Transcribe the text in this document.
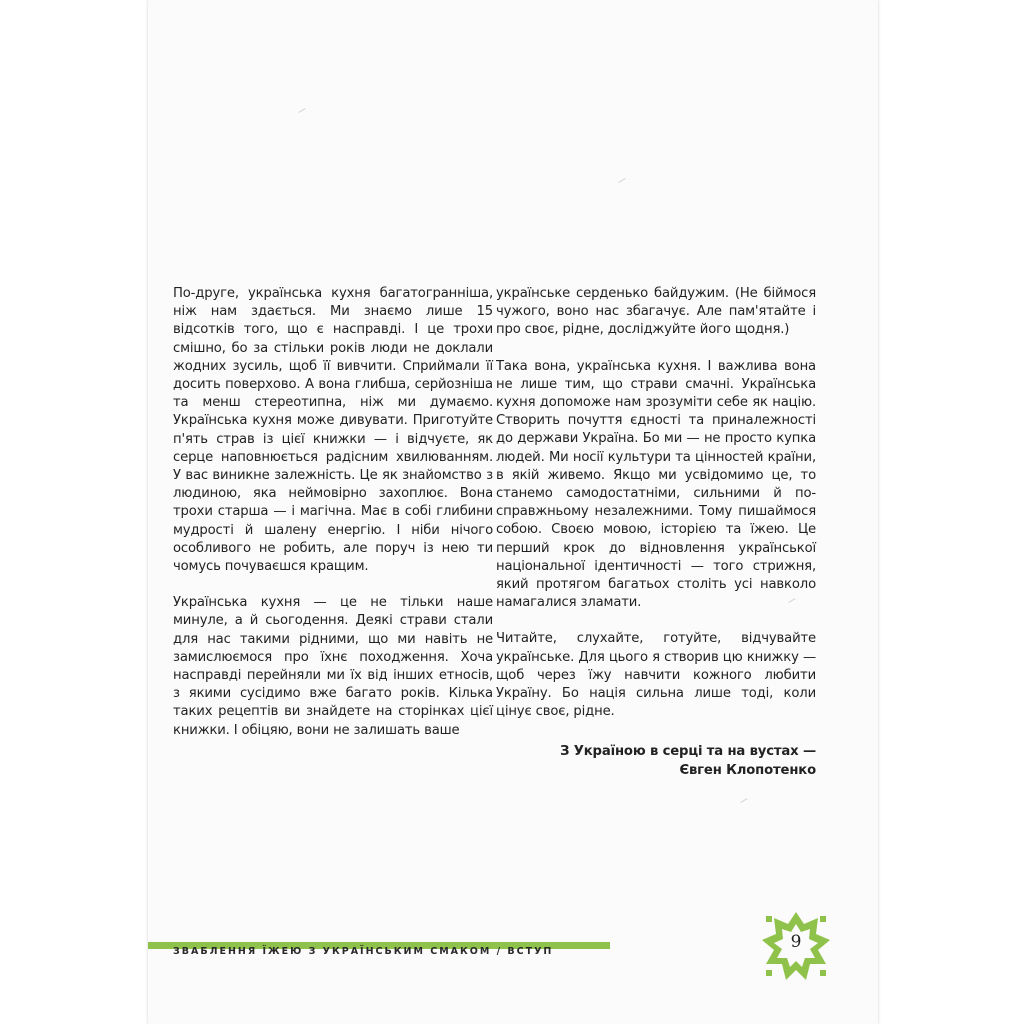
По-друге, українська кухня багатогранніша, ніж нам здається. Ми знаємо лише 15 відсотків того, що є насправді. І це трохи смішно, бо за стільки років люди не доклали жодних зусиль, щоб її вивчити. Сприймали її досить поверхово. А вона глибша, серйозніша та менш стереотипна, ніж ми думаємо. Українська кухня може дивувати. Приготуйте п'ять страв із цієї книжки — і відчуєте, як серце наповнюється радісним хвилюванням. У вас виникне залежність. Це як знайомство з людиною, яка неймовірно захоплює. Вона трохи старша — і магічна. Має в собі глибини мудрості й шалену енергію. І ніби нічого особливого не робить, але поруч із нею ти чомусь почуваєшся кращим.

Українська кухня — це не тільки наше минуле, а й сьогодення. Деякі страви стали для нас такими рідними, що ми навіть не замислюємося про їхнє походження. Хоча насправді перейняли ми їх від інших етносів, з якими сусідимо вже багато років. Кілька таких рецептів ви знайдете на сторінках цієї книжки. І обіцяю, вони не залишать ваше

українське серденько байдужим. (Не біймося чужого, воно нас збагачує. Але пам'ятайте і про своє, рідне, досліджуйте його щодня.)

Така вона, українська кухня. І важлива вона не лише тим, що страви смачні. Українська кухня допоможе нам зрозуміти себе як націю. Створить почуття єдності та приналежності до держави Україна. Бо ми — не просто купка людей. Ми носії культури та цінностей країни, в якій живемо. Якщо ми усвідомимо це, то станемо самодостатніми, сильними й по-справжньому незалежними. Тому пишаймося собою. Своєю мовою, історією та їжею. Це перший крок до відновлення української національної ідентичності — того стрижня, який протягом багатьох століть усі навколо намагалися зламати.

Читайте, слухайте, готуйте, відчувайте українське. Для цього я створив цю книжку — щоб через їжу навчити кожного любити Україну. Бо нація сильна лише тоді, коли цінує своє, рідне.

З Україною в серці та на вустах —
Євген Клопотенко
ЗВАБЛЕННЯ ЇЖЕЮ З УКРАЇНСЬКИМ СМАКОМ / ВСТУП	9
